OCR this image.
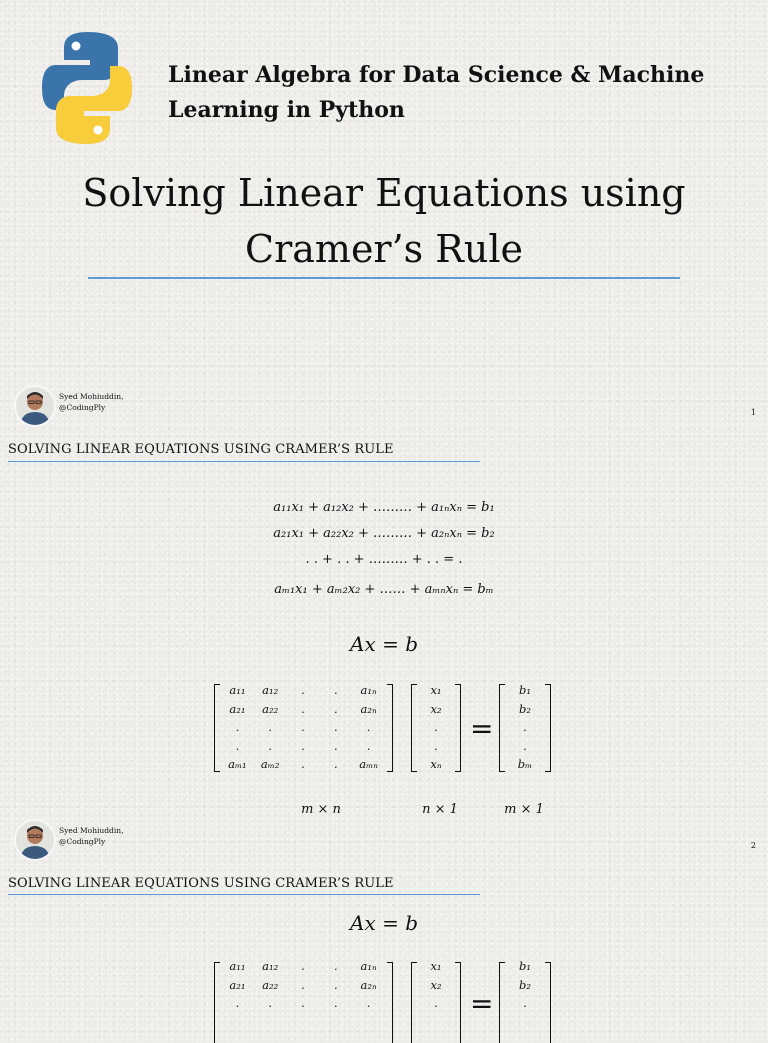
Linear Algebra for Data Science & Machine Learning in Python
Solving Linear Equations using Cramer’s Rule
Syed Mohiuddin,
@CodingPly
1
SOLVING LINEAR EQUATIONS USING CRAMER’S RULE
a₁₁x₁ + a₁₂x₂ + ……… + a₁ₙxₙ = b₁
a₂₁x₁ + a₂₂x₂ + ……… + a₂ₙxₙ = b₂
. . + . . + ……… + . . = .
aₘ₁x₁ + aₘ₂x₂ + …… + aₘₙxₙ = bₘ
Ax = b
a₁₁	a₁₂	.	.	a₁ₙ
a₂₁	a₂₂	.	.	a₂ₙ
.	.	.	.	.
.	.	.	.	.
aₘ₁	aₘ₂	.	.	aₘₙ
x₁
x₂
.
.
xₙ
=
b₁
b₂
.
.
bₘ
m × n	n × 1	m × 1
Syed Mohiuddin,
@CodingPly	2
SOLVING LINEAR EQUATIONS USING CRAMER’S RULE
Ax = b
a₁₁	a₁₂	.	.	a₁ₙ
a₂₁	a₂₂	.	.	a₂ₙ
.	.	.	.	.
x₁
x₂
.	=
b₁
b₂
.
